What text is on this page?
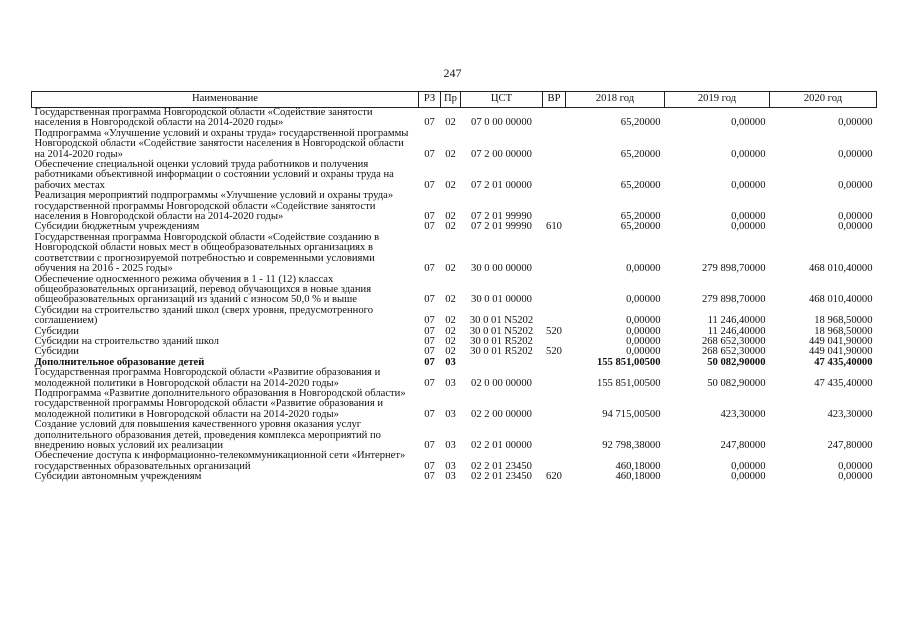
247
Наименование	РЗ	Пр	ЦСТ	ВР	2018 год	2019 год	2020 год
Государственная программа Новгородской области «Содействие занятости населения в Новгородской области на 2014-2020 годы»	07	02	07 0 00 00000		65,20000	0,00000	0,00000
Подпрограмма «Улучшение условий и охраны труда» государственной программы Новгородской области «Содействие занятости населения в Новгородской области на 2014-2020 годы»	07	02	07 2 00 00000		65,20000	0,00000	0,00000
Обеспечение специальной оценки условий труда работников и получения работниками объективной информации о состоянии условий и охраны труда на рабочих местах	07	02	07 2 01 00000		65,20000	0,00000	0,00000
Реализация мероприятий подпрограммы «Улучшение условий и охраны труда» государственной программы Новгородской области «Содействие занятости населения в Новгородской области на 2014-2020 годы»	07	02	07 2 01 99990		65,20000	0,00000	0,00000
Субсидии бюджетным учреждениям	07	02	07 2 01 99990	610	65,20000	0,00000	0,00000
Государственная программа Новгородской области «Содействие созданию в Новгородской области новых мест в общеобразовательных организациях в соответствии с прогнозируемой потребностью и современными условиями обучения на 2016 - 2025 годы»	07	02	30 0 00 00000		0,00000	279 898,70000	468 010,40000
Обеспечение односменного режима обучения в 1 - 11 (12) классах общеобразовательных организаций, перевод обучающихся в новые здания общеобразовательных организаций из зданий с износом 50,0 % и выше	07	02	30 0 01 00000		0,00000	279 898,70000	468 010,40000
Субсидии на строительство зданий школ (сверх уровня, предусмотренного соглашением)	07	02	30 0 01 N5202		0,00000	11 246,40000	18 968,50000
Субсидии	07	02	30 0 01 N5202	520	0,00000	11 246,40000	18 968,50000
Субсидии на строительство зданий школ	07	02	30 0 01 R5202		0,00000	268 652,30000	449 041,90000
Субсидии	07	02	30 0 01 R5202	520	0,00000	268 652,30000	449 041,90000
Дополнительное образование детей	07	03			155 851,00500	50 082,90000	47 435,40000
Государственная программа Новгородской области «Развитие образования и молодежной политики в Новгородской области на 2014-2020 годы»	07	03	02 0 00 00000		155 851,00500	50 082,90000	47 435,40000
Подпрограмма «Развитие дополнительного образования в Новгородской области» государственной программы Новгородской области «Развитие образования и молодежной политики в Новгородской области на 2014-2020 годы»	07	03	02 2 00 00000		94 715,00500	423,30000	423,30000
Создание условий для повышения качественного уровня оказания услуг дополнительного образования детей, проведения комплекса мероприятий по внедрению новых условий их реализации	07	03	02 2 01 00000		92 798,38000	247,80000	247,80000
Обеспечение доступа к информационно-телекоммуникационной сети «Интернет» государственных образовательных организаций	07	03	02 2 01 23450		460,18000	0,00000	0,00000
Субсидии автономным учреждениям	07	03	02 2 01 23450	620	460,18000	0,00000	0,00000
